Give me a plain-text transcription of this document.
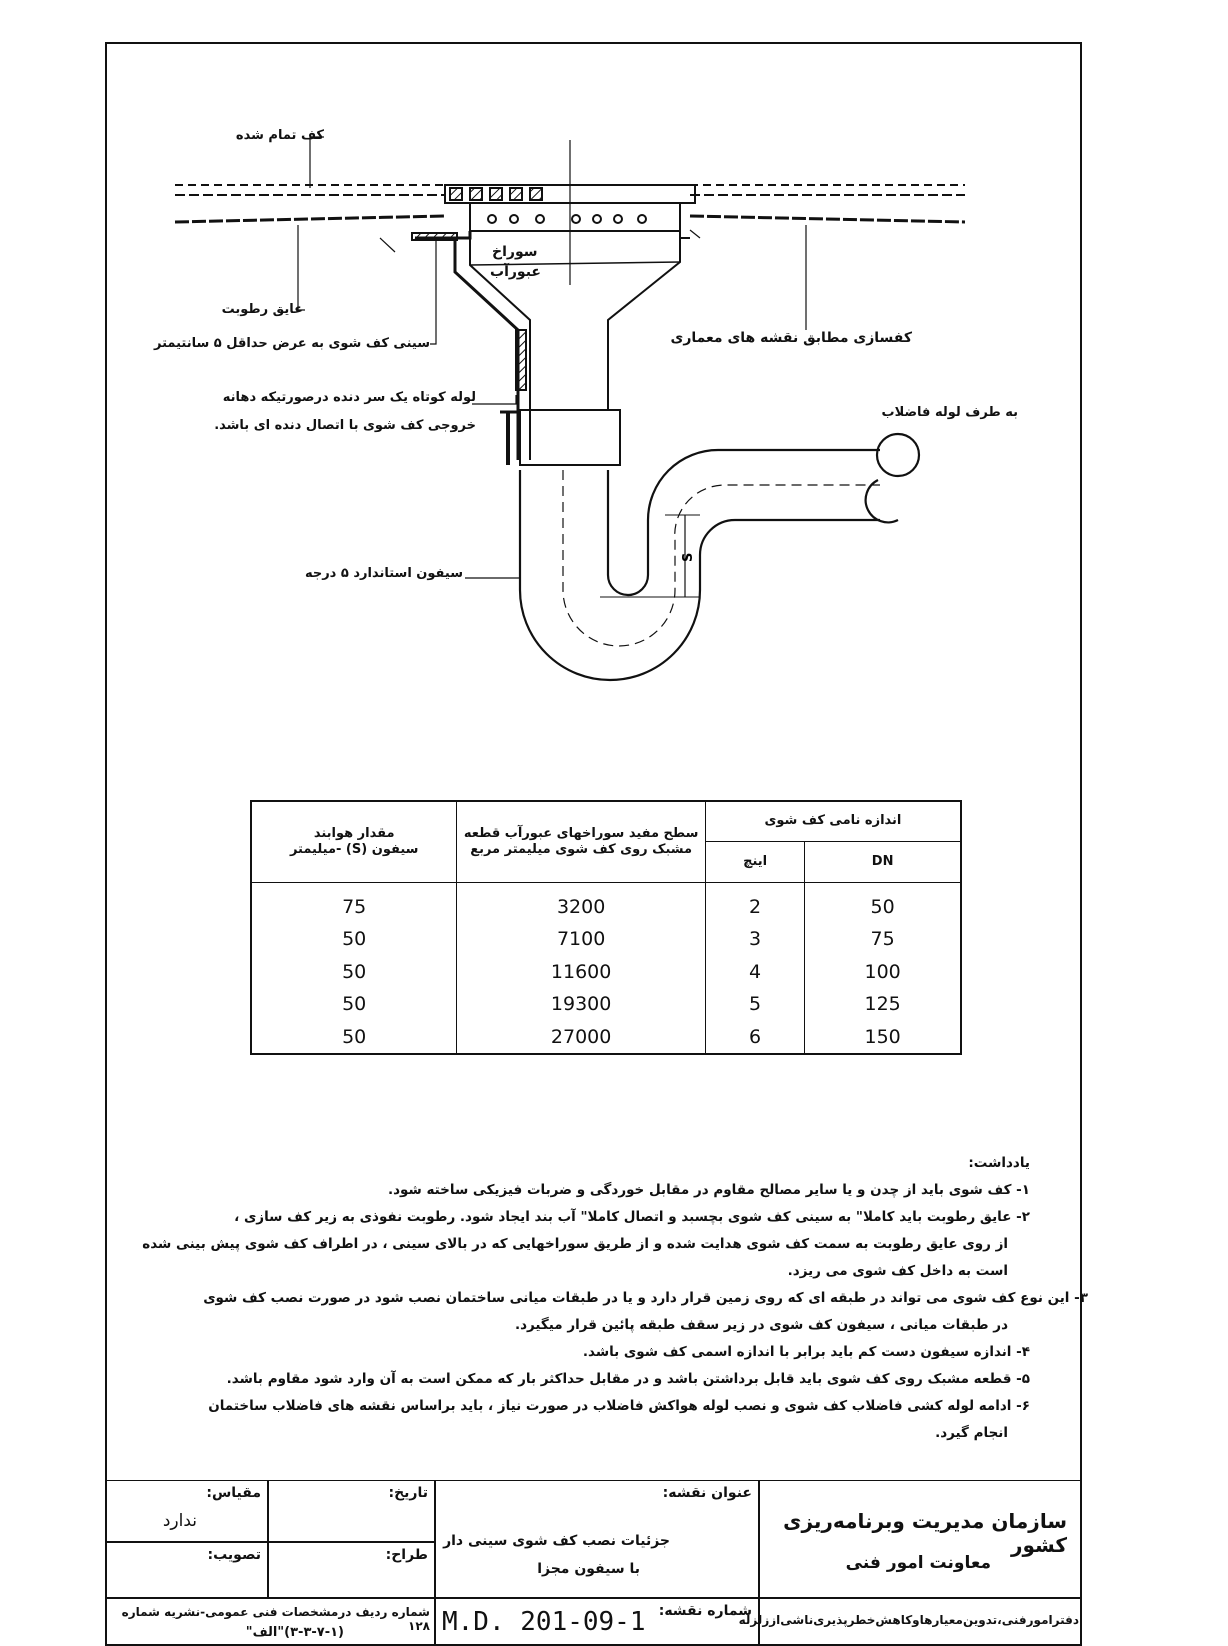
S
کف تمام شده
عایق رطوبت
سینی کف شوی به عرض حداقل ۵ سانتیمتر
لوله کوتاه یک سر دنده درصورتیکه دهانه
خروجی کف شوی با اتصال دنده ای باشد.
سیفون استاندارد ۵ درجه
سوراخ
عبورآب
کفسازی مطابق نقشه های معماری
به طرف لوله فاضلاب
مقدار هوابند
سیفون (S) -میلیمتر	سطح مفید سوراخهای عبورآب قطعه مشبک روی کف شوی میلیمتر مربع	اندازه نامی کف شوی	
		اینچ	DN
75	3200	2	50
50	7100	3	75
50	11600	4	100
50	19300	5	125
50	27000	6	150

یادداشت:

۱- کف شوی باید از چدن و یا سایر مصالح مقاوم در مقابل خوردگی و ضربات فیزیکی ساخته شود.

۲- عایق رطوبت باید کاملا" به سینی کف شوی بچسبد و اتصال کاملا" آب بند ایجاد شود. رطوبت نفوذی به زیر کف سازی ،

از روی عایق رطوبت به سمت کف شوی هدایت شده و از طریق سوراخهایی که در بالای سینی ، در اطراف کف شوی پیش بینی شده

است به داخل کف شوی می ریزد.

۳- این نوع کف شوی می تواند در طبقه ای که روی زمین قرار دارد و یا در طبقات میانی ساختمان نصب شود در صورت نصب کف شوی

در طبقات میانی ، سیفون کف شوی در زیر سقف طبقه پائین قرار میگیرد.

۴- اندازه سیفون دست کم باید برابر با اندازه اسمی کف شوی باشد.

۵- قطعه مشبک روی کف شوی باید قابل برداشتن باشد و در مقابل حداکثر بار که ممکن است به آن وارد شود مقاوم باشد.

۶- ادامه لوله کشی فاضلاب کف شوی و نصب لوله هواکش فاضلاب در صورت نیاز ، باید براساس نقشه های فاضلاب ساختمان

انجام گیرد.

سازمان مدیریت وبرنامه‌ریزی کشور
معاونت امور فنی
دفترامورفنی،تدوین‌معیارهاوکاهش‌خطرپذیری‌ناشی‌اززلزله
عنوان نقشه:
جزئیات نصب کف شوی سینی دار
با سیفون مجزا
شماره نقشه:
M.D. 201-09-1
تاریخ:
مقیاس:
ندارد
طراح:
تصویب:
شماره ردیف درمشخصات فنی عمومی-نشریه شماره ۱۲۸
(۳-۳-۷-۱)"الف"
